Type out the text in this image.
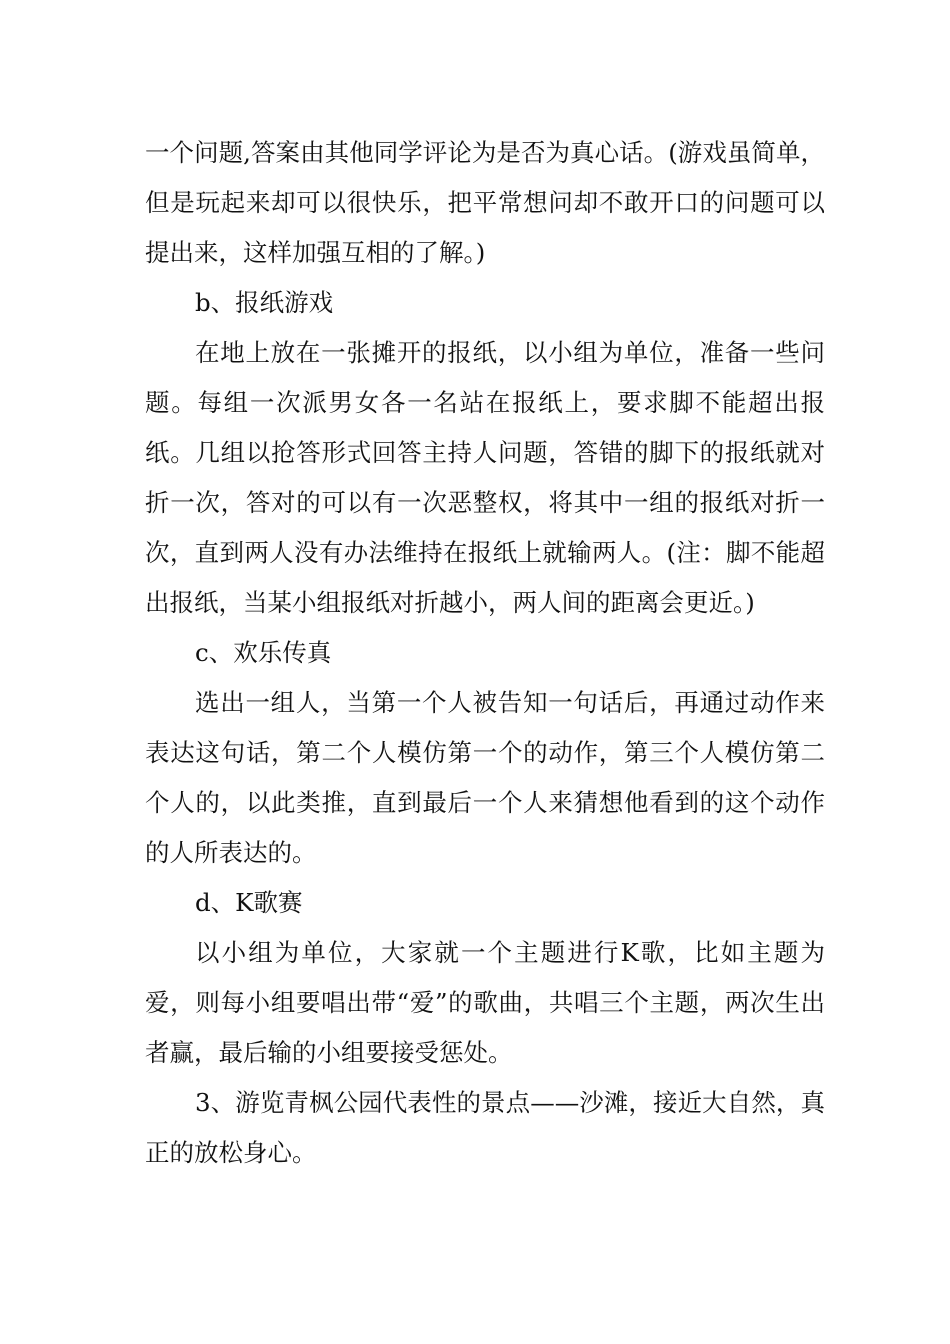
一个问题,答案由其他同学评论为是否为真心话。(游戏虽简单，但是玩起来却可以很快乐，把平常想问却不敢开口的问题可以提出来，这样加强互相的了解。)

b、报纸游戏

在地上放在一张摊开的报纸，以小组为单位，准备一些问题。每组一次派男女各一名站在报纸上，要求脚不能超出报纸。几组以抢答形式回答主持人问题，答错的脚下的报纸就对折一次，答对的可以有一次恶整权，将其中一组的报纸对折一次，直到两人没有办法维持在报纸上就输两人。(注：脚不能超出报纸，当某小组报纸对折越小，两人间的距离会更近。)

c、欢乐传真

选出一组人，当第一个人被告知一句话后，再通过动作来表达这句话，第二个人模仿第一个的动作，第三个人模仿第二个人的，以此类推，直到最后一个人来猜想他看到的这个动作的人所表达的。

d、K歌赛

以小组为单位，大家就一个主题进行K歌，比如主题为爱，则每小组要唱出带“爱”的歌曲，共唱三个主题，两次生出者赢，最后输的小组要接受惩处。

3、游览青枫公园代表性的景点——沙滩，接近大自然，真正的放松身心。
